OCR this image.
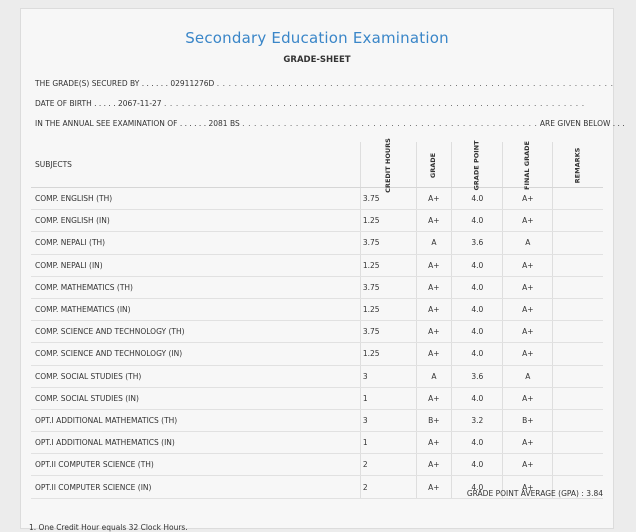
Secondary Education Examination
GRADE-SHEET
THE GRADE(S) SECURED BY . . . . . . 02911276D . . . . . . . . . . . . . . . . . . . . . . . . . . . . . . . . . . . . . . . . . . . . . . . . . . . . . . . . . . . . . . . . . . .
DATE OF BIRTH . . . . . 2067-11-27 . . . . . . . . . . . . . . . . . . . . . . . . . . . . . . . . . . . . . . . . . . . . . . . . . . . . . . . . . . . . . . . . . . . . . . .
IN THE ANNUAL SEE EXAMINATION OF . . . . . . 2081 BS . . . . . . . . . . . . . . . . . . . . . . . . . . . . . . . . . . . . . . . . . . . . . . . . . . ARE GIVEN BELOW . . .
SUBJECTS	CREDIT HOURS	GRADE	GRADE POINT	FINAL GRADE	REMARKS
COMP. ENGLISH (TH)	3.75	A+	4.0	A+	
COMP. ENGLISH (IN)	1.25	A+	4.0	A+	
COMP. NEPALI (TH)	3.75	A	3.6	A	
COMP. NEPALI (IN)	1.25	A+	4.0	A+	
COMP. MATHEMATICS (TH)	3.75	A+	4.0	A+	
COMP. MATHEMATICS (IN)	1.25	A+	4.0	A+	
COMP. SCIENCE AND TECHNOLOGY (TH)	3.75	A+	4.0	A+	
COMP. SCIENCE AND TECHNOLOGY (IN)	1.25	A+	4.0	A+	
COMP. SOCIAL STUDIES (TH)	3	A	3.6	A	
COMP. SOCIAL STUDIES (IN)	1	A+	4.0	A+	
OPT.I ADDITIONAL MATHEMATICS (TH)	3	B+	3.2	B+	
OPT.I ADDITIONAL MATHEMATICS (IN)	1	A+	4.0	A+	
OPT.II COMPUTER SCIENCE (TH)	2	A+	4.0	A+	
OPT.II COMPUTER SCIENCE (IN)	2	A+	4.0	A+	
GRADE POINT AVERAGE (GPA) : 3.84
1. One Credit Hour equals 32 Clock Hours.
